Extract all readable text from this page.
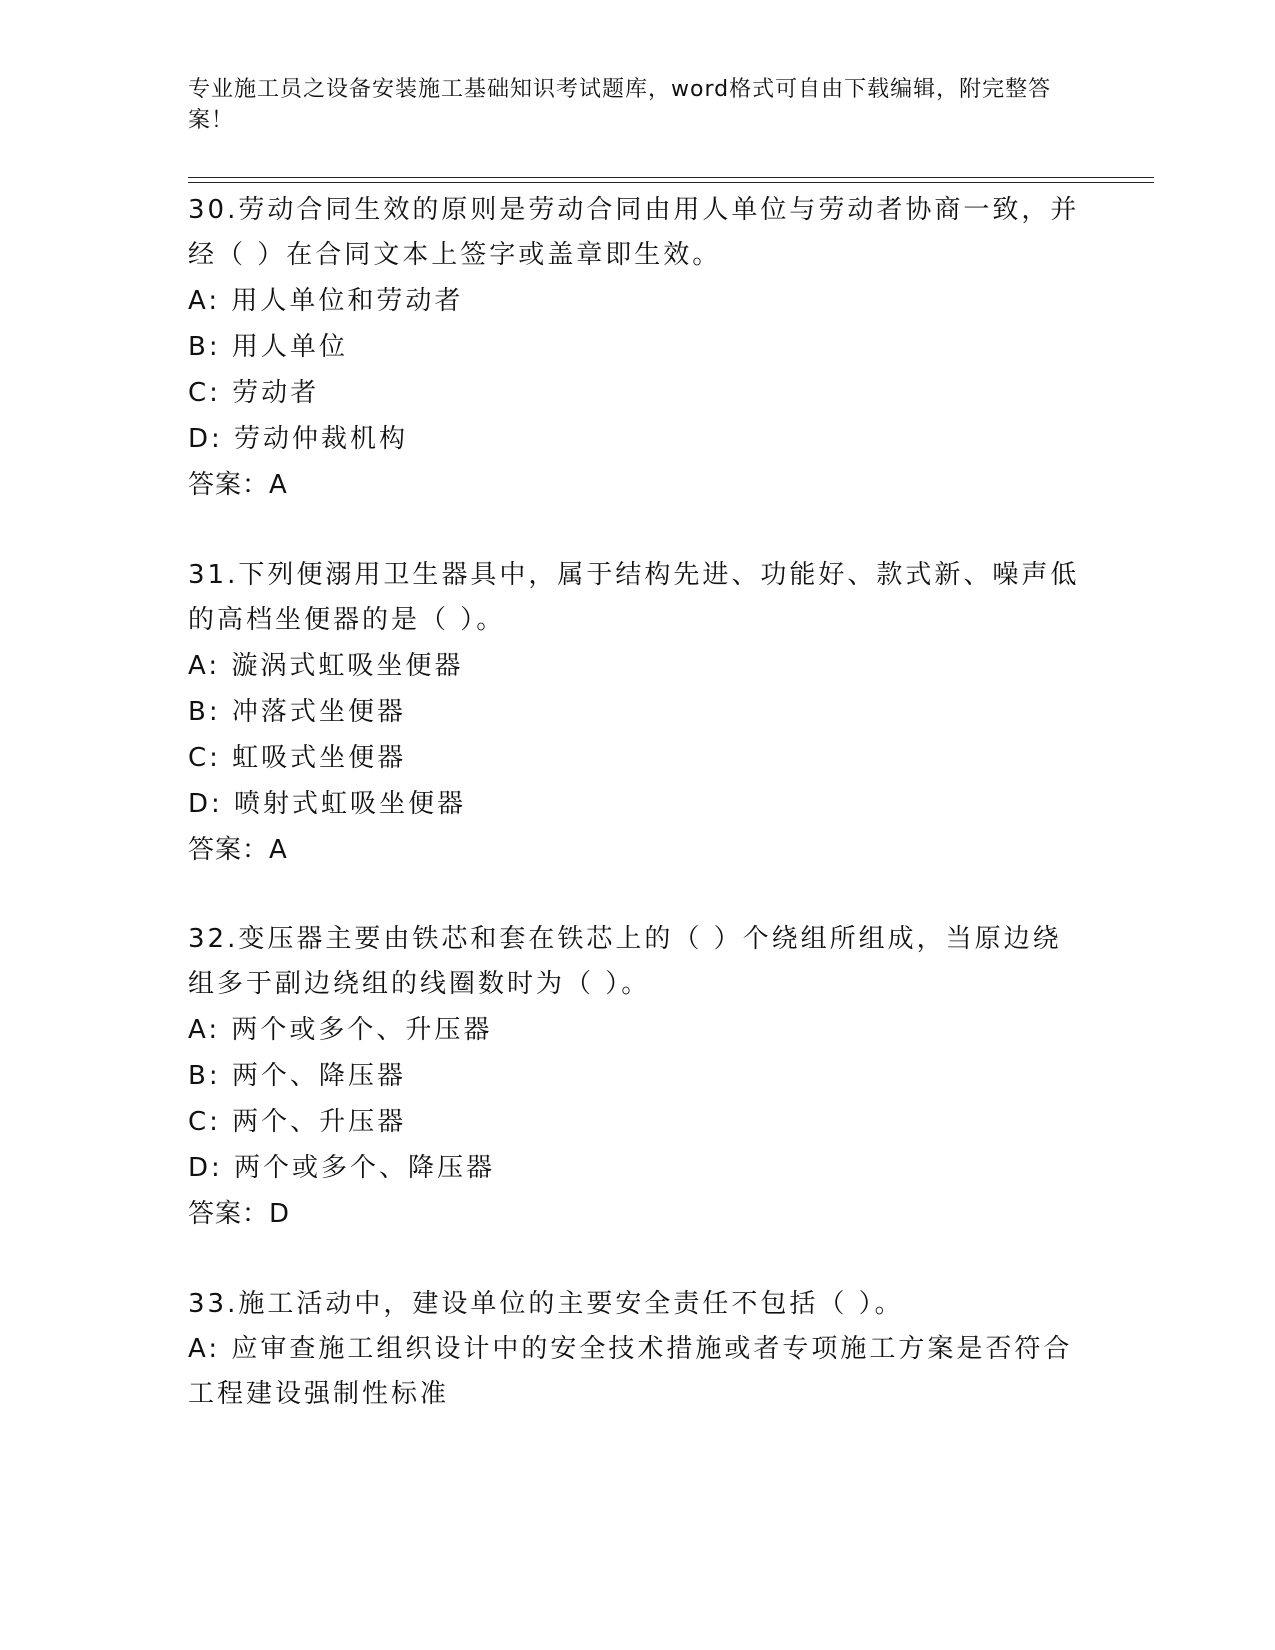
专业施工员之设备安装施工基础知识考试题库，word格式可自由下载编辑，附完整答案！
30.劳动合同生效的原则是劳动合同由用人单位与劳动者协商一致，并经（ ）在合同文本上签字或盖章即生效。
A: 用人单位和劳动者
B: 用人单位
C: 劳动者
D: 劳动仲裁机构
答案：A
31.下列便溺用卫生器具中，属于结构先进、功能好、款式新、噪声低的高档坐便器的是（ ）。
A: 漩涡式虹吸坐便器
B: 冲落式坐便器
C: 虹吸式坐便器
D: 喷射式虹吸坐便器
答案：A
32.变压器主要由铁芯和套在铁芯上的（ ）个绕组所组成，当原边绕组多于副边绕组的线圈数时为（ ）。
A: 两个或多个、升压器
B: 两个、降压器
C: 两个、升压器
D: 两个或多个、降压器
答案：D
33.施工活动中，建设单位的主要安全责任不包括（ ）。
A: 应审查施工组织设计中的安全技术措施或者专项施工方案是否符合工程建设强制性标准
